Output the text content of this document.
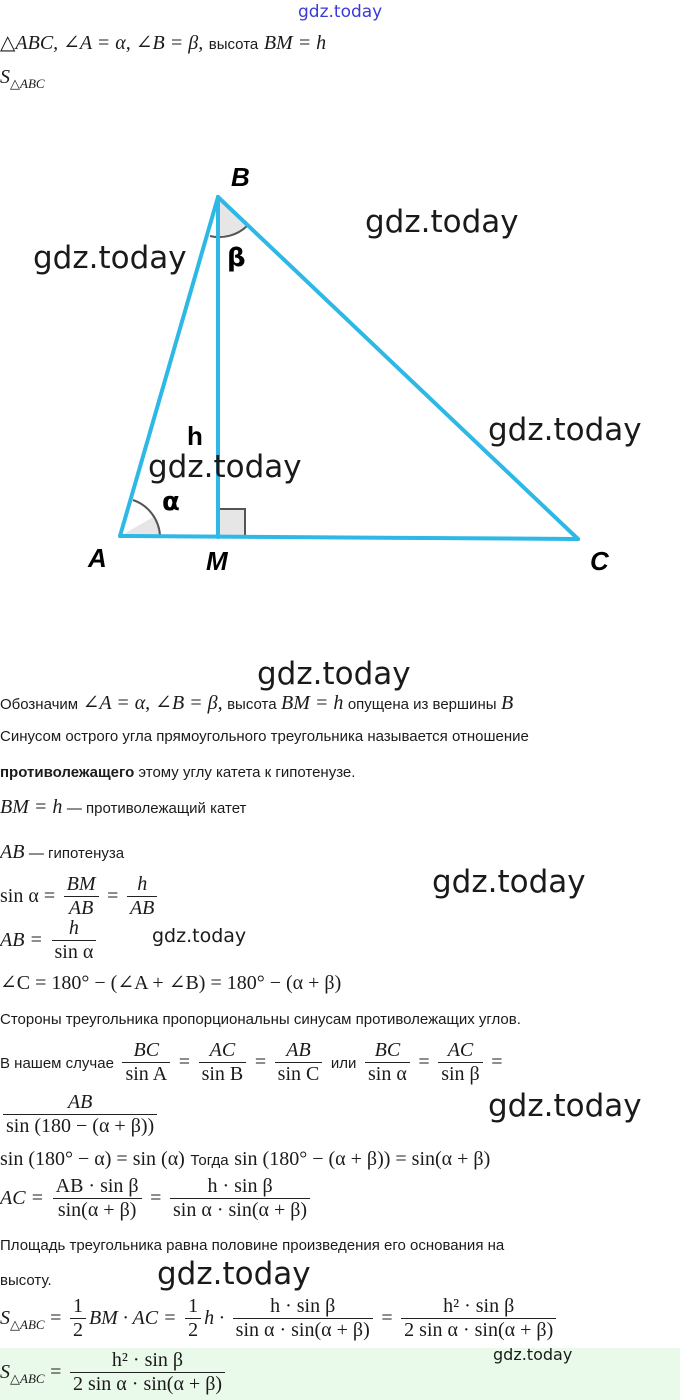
gdz.today
△ABC, ∠A = α, ∠B = β, высота BM = h
$S_{\triangle ABC}$
B
A	M	C
h
α
β
gdz.today
gdz.today
gdz.today
gdz.today
gdz.today
Обозначим ∠A = α, ∠B = β, высота BM = h опущена из вершины B
Синусом острого угла прямоугольного треугольника называется отношение
противолежащего этому углу катета к гипотенузе.
BM = h — противолежащий катет
AB — гипотенуза
gdz.today
$\sin \alpha = \frac{BM}{AB} = \frac{h}{AB}$
AB = $\frac{h}{\text{sin α}}$	gdz.today
∠C = 180° − (∠A + ∠B) = 180° − (α + β)
Стороны треугольника пропорциональны синусам противолежащих углов.
В нашем случае $\frac{BC}{\text{sin A}} = \frac{AC}{\text{sin B}} = \frac{AB}{\text{sin C}}$ или $\frac{BC}{\text{sin α}} = \frac{AC}{\text{sin β}}$ =
$\frac{AB}{\sin (180 - (\alpha + \beta))}$	gdz.today
sin (180° − α) = sin (α) Тогда sin (180° − (α + β)) = sin(α + β)
AC = $\frac{\text{AB · sin β}}{\sin(\alpha + \beta)} = \frac{\text{h · sin β}}{\text{sin α · sin(α + β)}}$
Площадь треугольника равна половине произведения его основания на
высоту.	gdz.today
$S_{\triangle ABC} = \frac{1}{2}$ BM · AC = $\frac{1}{2}$ $h \cdot \frac{\text{h · sin β}}{\text{sin α · sin(α + β)}} = \frac{\text{h² · sin β}}{\text{2 sin α · sin(α + β)}}$
$S_{\triangle ABC} = \frac{\text{h² · sin β}}{\text{2 sin α · sin(α + β)}}$	gdz.today
